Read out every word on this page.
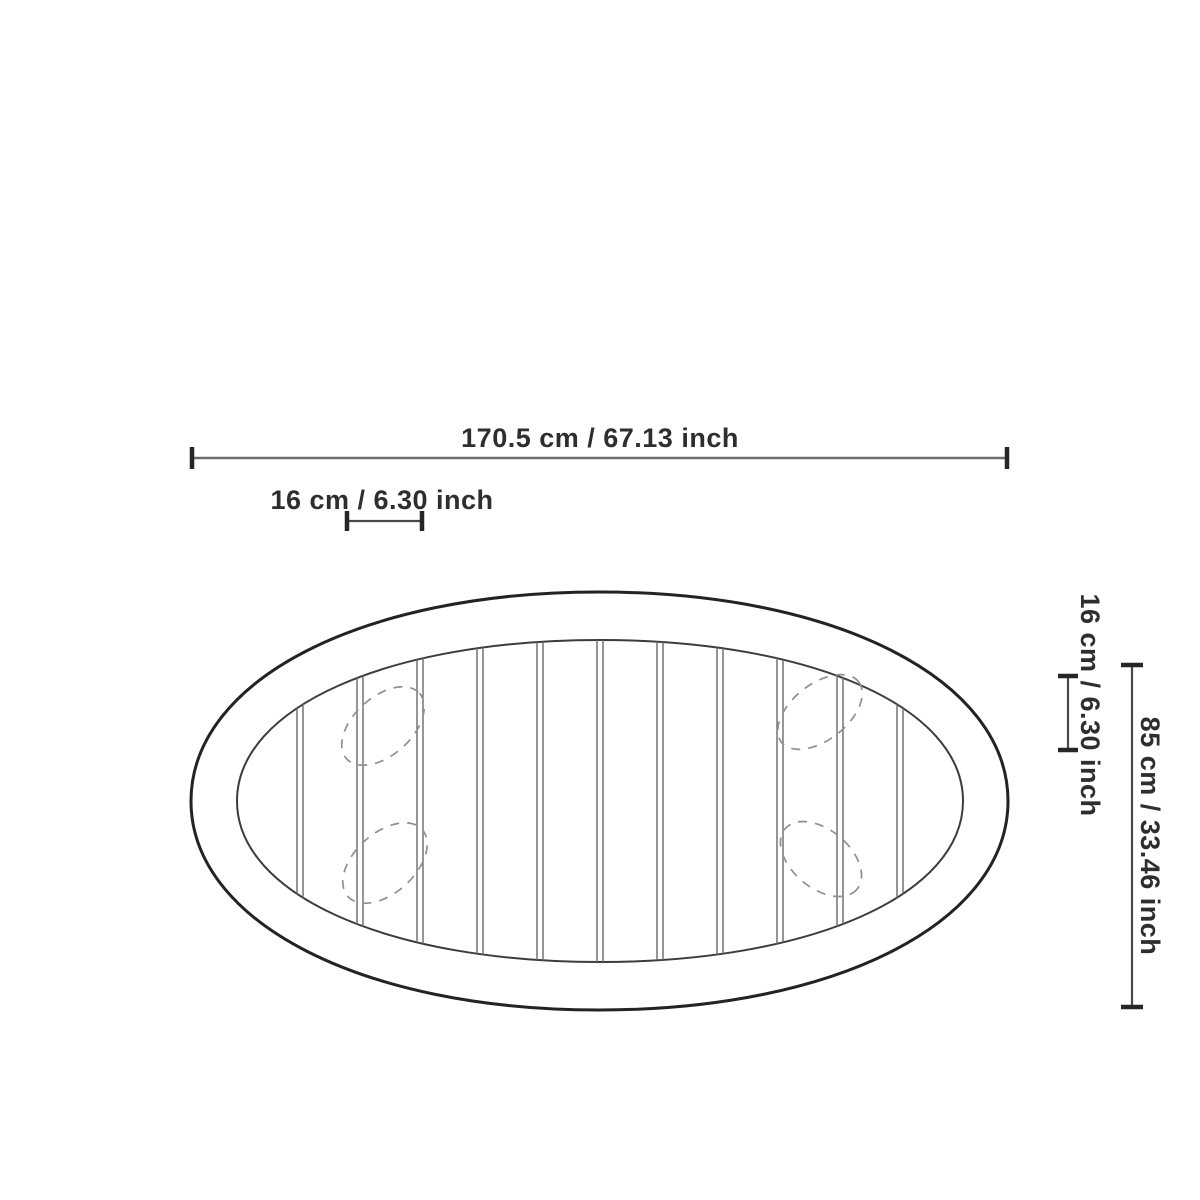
170.5 cm / 67.13 inch
16 cm / 6.30 inch
16 cm / 6.30 inch
85 cm / 33.46 inch
